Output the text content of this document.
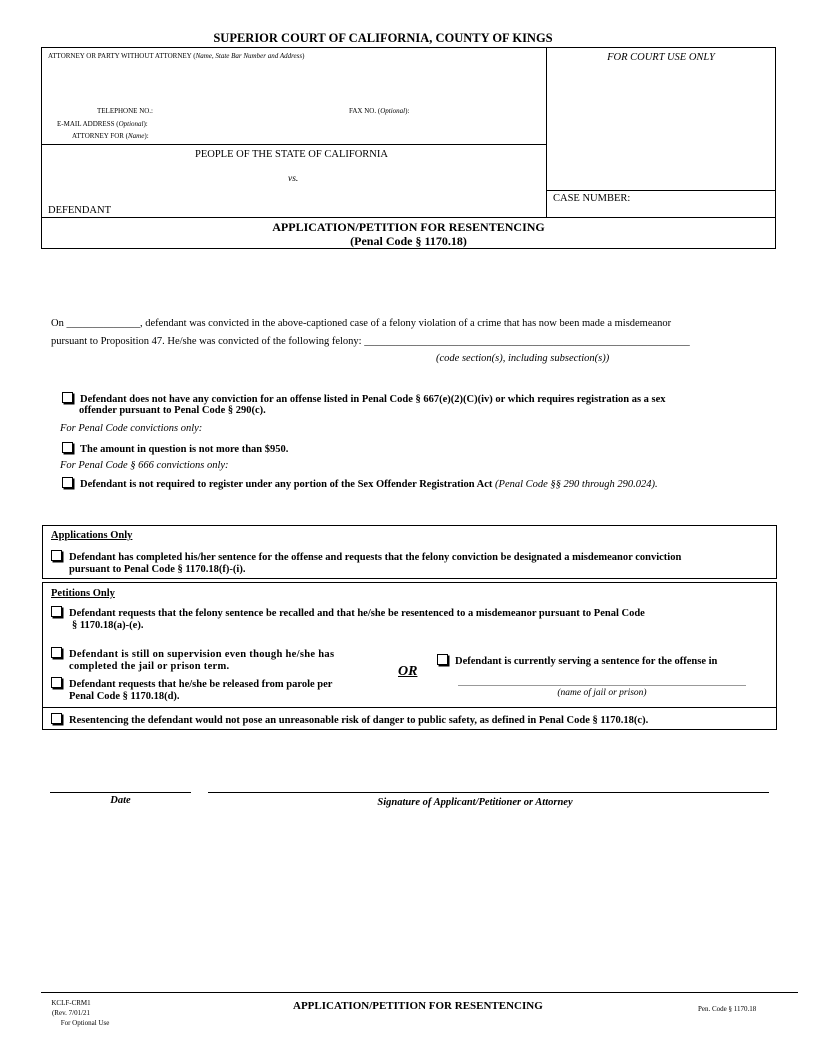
SUPERIOR COURT OF CALIFORNIA, COUNTY OF KINGS
ATTORNEY OR PARTY WITHOUT ATTORNEY (Name, State Bar Number and Address)	FOR COURT USE ONLY
TELEPHONE NO.:	FAX NO. (Optional):
E-MAIL ADDRESS (Optional):
ATTORNEY FOR (Name):
PEOPLE OF THE STATE OF CALIFORNIA
vs.
DEFENDANT
CASE NUMBER:
APPLICATION/PETITION FOR RESENTENCING
(Penal Code § 1170.18)
On ______________, defendant was convicted in the above-captioned case of a felony violation of a crime that has now been made a misdemeanor
pursuant to Proposition 47. He/she was convicted of the following felony: ______________________________________________________________
(code section(s), including subsection(s))
Defendant does not have any conviction for an offense listed in Penal Code § 667(e)(2)(C)(iv) or which requires registration as a sex
offender pursuant to Penal Code § 290(c).
For Penal Code convictions only:
The amount in question is not more than $950.
For Penal Code § 666 convictions only:
Defendant is not required to register under any portion of the Sex Offender Registration Act (Penal Code §§ 290 through 290.024).
Applications Only
Defendant has completed his/her sentence for the offense and requests that the felony conviction be designated a misdemeanor conviction
pursuant to Penal Code § 1170.18(f)-(i).
Petitions Only
Defendant requests that the felony sentence be recalled and that he/she be resentenced to a misdemeanor pursuant to Penal Code
§ 1170.18(a)-(e).
Defendant is still on supervision even though he/she has
completed the jail or prison term.
Defendant requests that he/she be released from parole per
Penal Code § 1170.18(d).
OR
Defendant is currently serving a sentence for the offense in
(name of jail or prison)
Resentencing the defendant would not pose an unreasonable risk of danger to public safety, as defined in Penal Code § 1170.18(c).
Date	Signature of Applicant/Petitioner or Attorney
KCLF-CRM1
(Rev. 7/01/21
For Optional Use
APPLICATION/PETITION FOR RESENTENCING	Pen. Code § 1170.18
